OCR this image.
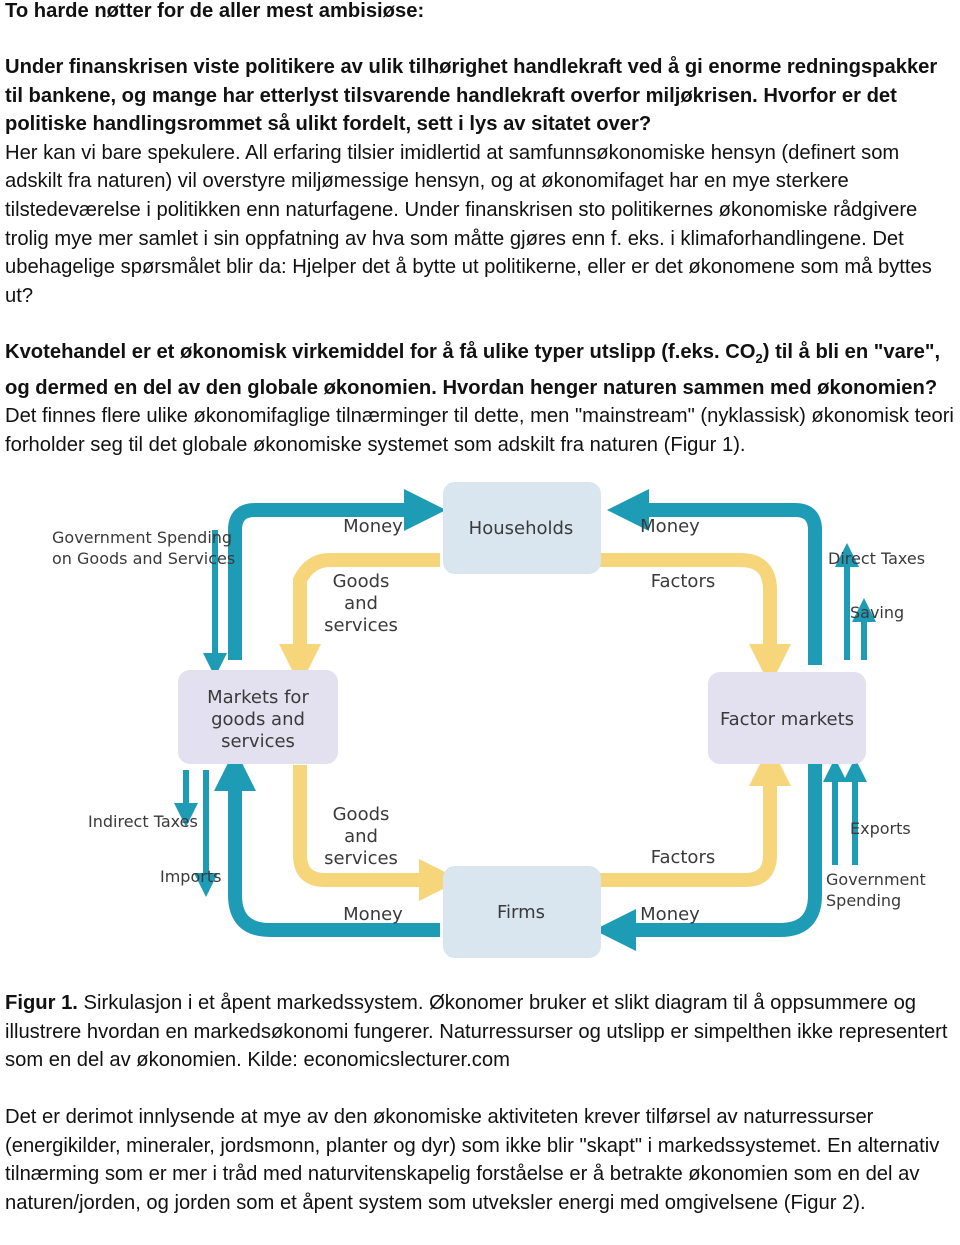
To harde nøtter for de aller mest ambisiøse:

Under finanskrisen viste politikere av ulik tilhørighet handlekraft ved å gi enorme redningspakker til bankene, og mange har etterlyst tilsvarende handlekraft overfor miljøkrisen. Hvorfor er det politiske handlingsrommet så ulikt fordelt, sett i lys av sitatet over?
Her kan vi bare spekulere. All erfaring tilsier imidlertid at samfunnsøkonomiske hensyn (definert som adskilt fra naturen) vil overstyre miljømessige hensyn, og at økonomifaget har en mye sterkere tilstedeværelse i politikken enn naturfagene. Under finanskrisen sto politikernes økonomiske rådgivere trolig mye mer samlet i sin oppfatning av hva som måtte gjøres enn f. eks. i klimaforhandlingene. Det ubehagelige spørsmålet blir da: Hjelper det å bytte ut politikerne, eller er det økonomene som må byttes ut?

Kvotehandel er et økonomisk virkemiddel for å få ulike typer utslipp (f.eks. $CO_2$) til å bli en "vare", og dermed en del av den globale økonomien. Hvordan henger naturen sammen med økonomien? Det finnes flere ulike økonomifaglige tilnærminger til dette, men "mainstream" (nyklassisk) økonomisk teori forholder seg til det globale økonomiske systemet som adskilt fra naturen (Figur 1).

Households
Firms
Markets for
goods and
services
Factor markets
Money	Money
Money	Money
Goods
and
services
Goods
and
services
Factors
Factors
Government Spending
on Goods and Services	Direct Taxes
Saving
Indirect Taxes
Imports
Exports
Government
Spending

Figur 1. Sirkulasjon i et åpent markedssystem. Økonomer bruker et slikt diagram til å oppsummere og illustrere hvordan en markedsøkonomi fungerer. Naturressurser og utslipp er simpelthen ikke representert som en del av økonomien. Kilde: economicslecturer.com

Det er derimot innlysende at mye av den økonomiske aktiviteten krever tilførsel av naturressurser (energikilder, mineraler, jordsmonn, planter og dyr) som ikke blir "skapt" i markedssystemet. En alternativ tilnærming som er mer i tråd med naturvitenskapelig forståelse er å betrakte økonomien som en del av naturen/jorden, og jorden som et åpent system som utveksler energi med omgivelsene (Figur 2).
